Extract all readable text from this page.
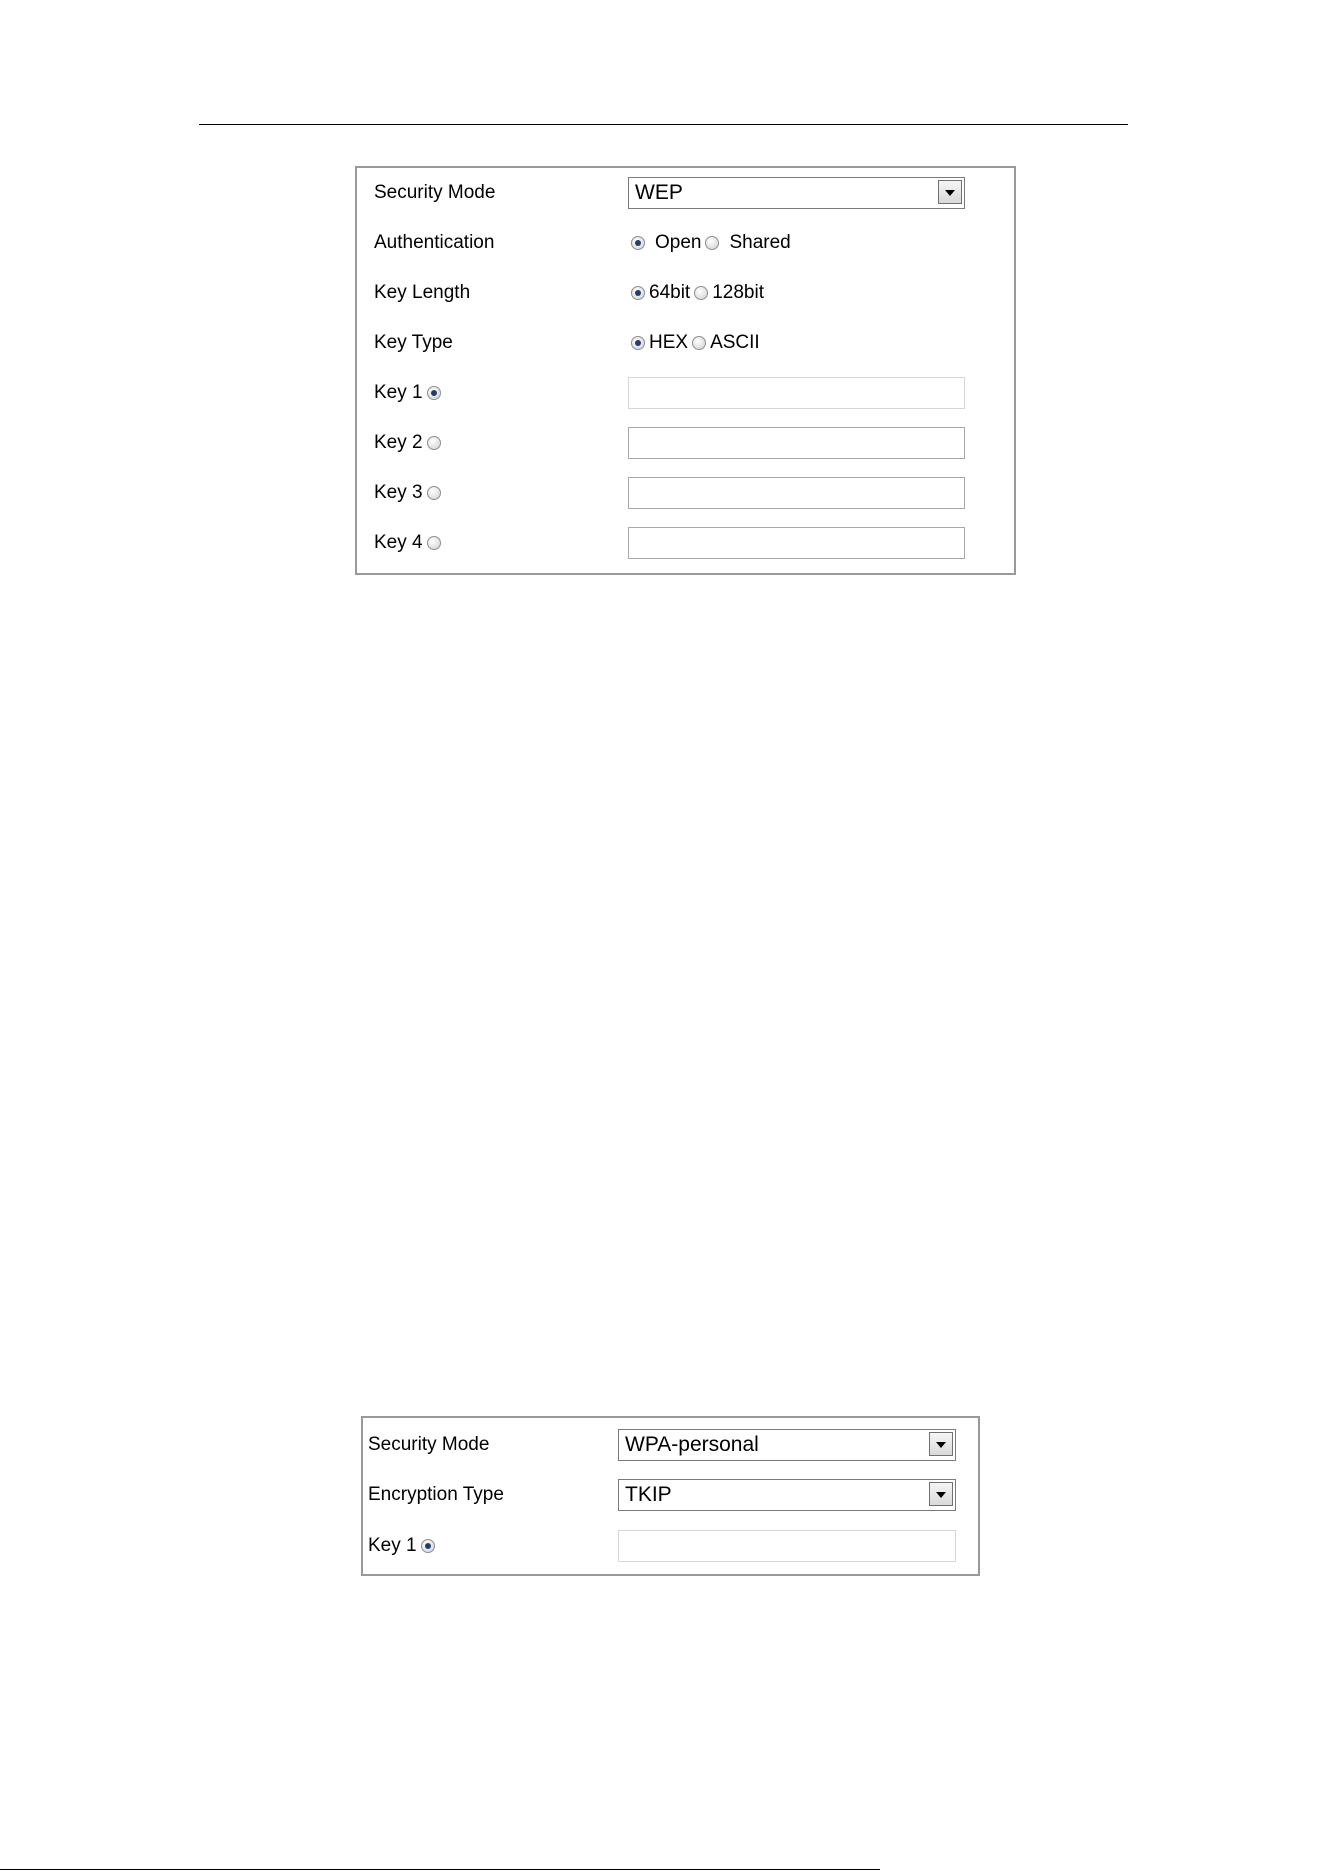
Security Mode	WEP
Authentication	Open Shared
Key Length	64bit 128bit
Key Type	HEX ASCII
Key 1
Key 2
Key 3
Key 4
Security Mode	WPA-personal
Encryption Type	TKIP
Key 1
